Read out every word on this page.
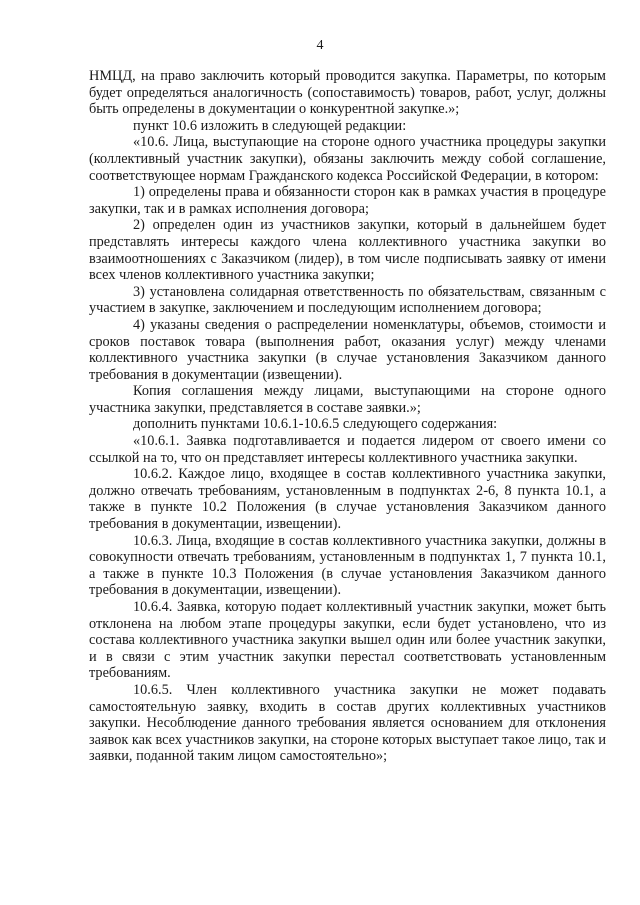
4

НМЦД, на право заключить который проводится закупка. Параметры, по которым будет определяться аналогичность (сопоставимость) товаров, работ, услуг, должны быть определены в документации о конкурентной закупке.»;

пункт 10.6 изложить в следующей редакции:

«10.6. Лица, выступающие на стороне одного участника процедуры закупки (коллективный участник закупки), обязаны заключить между собой соглашение, соответствующее нормам Гражданского кодекса Российской Федерации, в котором:

1) определены права и обязанности сторон как в рамках участия в процедуре закупки, так и в рамках исполнения договора;

2) определен один из участников закупки, который в дальнейшем будет представлять интересы каждого члена коллективного участника закупки во взаимоотношениях с Заказчиком (лидер), в том числе подписывать заявку от имени всех членов коллективного участника закупки;

3) установлена солидарная ответственность по обязательствам, связанным с участием в закупке, заключением и последующим исполнением договора;

4) указаны сведения о распределении номенклатуры, объемов, стоимости и сроков поставок товара (выполнения работ, оказания услуг) между членами коллективного участника закупки (в случае установления Заказчиком данного требования в документации (извещении).

Копия соглашения между лицами, выступающими на стороне одного участника закупки, представляется в составе заявки.»;

дополнить пунктами 10.6.1-10.6.5 следующего содержания:

«10.6.1. Заявка подготавливается и подается лидером от своего имени со ссылкой на то, что он представляет интересы коллективного участника закупки.

10.6.2. Каждое лицо, входящее в состав коллективного участника закупки, должно отвечать требованиям, установленным в подпунктах 2-6, 8 пункта 10.1, а также в пункте 10.2 Положения (в случае установления Заказчиком данного требования в документации, извещении).

10.6.3. Лица, входящие в состав коллективного участника закупки, должны в совокупности отвечать требованиям, установленным в подпунктах 1, 7 пункта 10.1, а также в пункте 10.3 Положения (в случае установления Заказчиком данного требования в документации, извещении).

10.6.4. Заявка, которую подает коллективный участник закупки, может быть отклонена на любом этапе процедуры закупки, если будет установлено, что из состава коллективного участника закупки вышел один или более участник закупки, и в связи с этим участник закупки перестал соответствовать установленным требованиям.

10.6.5. Член коллективного участника закупки не может подавать самостоятельную заявку, входить в состав других коллективных участников закупки. Несоблюдение данного требования является основанием для отклонения заявок как всех участников закупки, на стороне которых выступает такое лицо, так и заявки, поданной таким лицом самостоятельно»;
